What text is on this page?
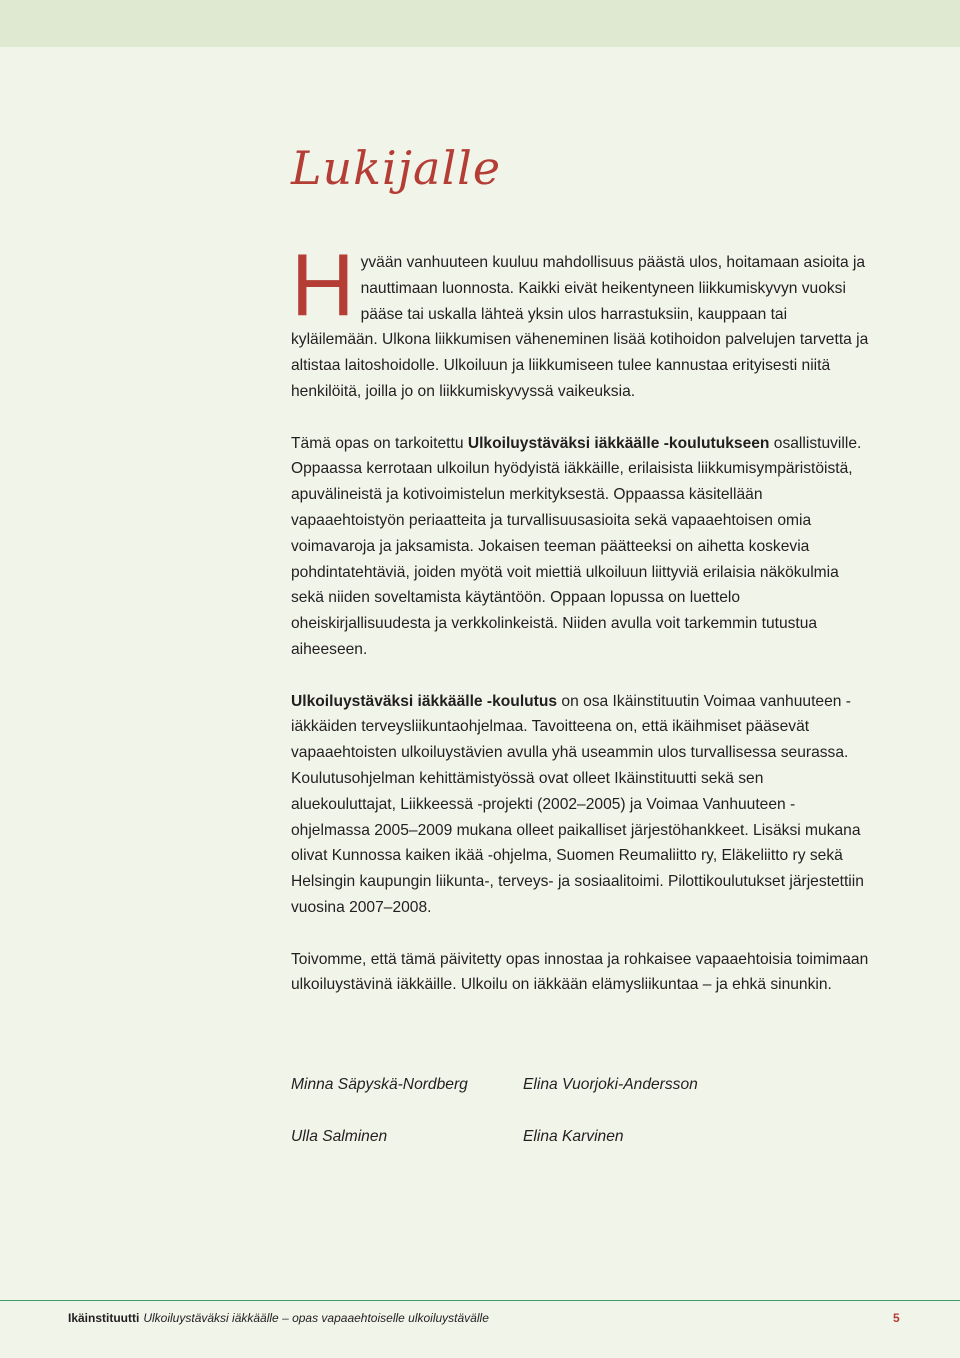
Lukijalle

Hyvään vanhuuteen kuuluu mahdollisuus päästä ulos, hoitamaan asioita ja nauttimaan luonnosta. Kaikki eivät heikentyneen liikkumiskyvyn vuoksi pääse tai uskalla lähteä yksin ulos harrastuksiin, kauppaan tai kyläilemään. Ulkona liikkumisen väheneminen lisää kotihoidon palvelujen tarvetta ja altistaa laitoshoidolle. Ulkoiluun ja liikkumiseen tulee kannustaa erityisesti niitä henkilöitä, joilla jo on liikkumiskyvyssä vaikeuksia.

Tämä opas on tarkoitettu Ulkoiluystäväksi iäkkäälle -koulutukseen osallistuville. Oppaassa kerrotaan ulkoilun hyödyistä iäkkäille, erilaisista liikkumisympäristöistä, apuvälineistä ja kotivoimistelun merkityksestä. Oppaassa käsitellään vapaaehtoistyön periaatteita ja turvallisuusasioita sekä vapaaehtoisen omia voimavaroja ja jaksamista. Jokaisen teeman päätteeksi on aihetta koskevia pohdintatehtäviä, joiden myötä voit miettiä ulkoiluun liittyviä erilaisia näkökulmia sekä niiden soveltamista käytäntöön. Oppaan lopussa on luettelo oheiskirjallisuudesta ja verkkolinkeistä. Niiden avulla voit tarkemmin tutustua aiheeseen.

Ulkoiluystäväksi iäkkäälle -koulutus on osa Ikäinstituutin Voimaa vanhuuteen -iäkkäiden terveysliikuntaohjelmaa. Tavoitteena on, että ikäihmiset pääsevät vapaaehtoisten ulkoiluystävien avulla yhä useammin ulos turvallisessa seurassa. Koulutusohjelman kehittämistyössä ovat olleet Ikäinstituutti sekä sen aluekouluttajat, Liikkeessä -projekti (2002–2005) ja Voimaa Vanhuuteen -ohjelmassa 2005–2009 mukana olleet paikalliset järjestöhankkeet. Lisäksi mukana olivat Kunnossa kaiken ikää -ohjelma, Suomen Reumaliitto ry, Eläkeliitto ry sekä Helsingin kaupungin liikunta-, terveys- ja sosiaalitoimi. Pilottikoulutukset järjestettiin vuosina 2007–2008.

Toivomme, että tämä päivitetty opas innostaa ja rohkaisee vapaaehtoisia toimimaan ulkoiluystävinä iäkkäille. Ulkoilu on iäkkään elämysliikuntaa – ja ehkä sinunkin.

Minna Säpyskä-Nordberg	Elina Vuorjoki-Andersson
Ulla Salminen	Elina Karvinen
Ikäinstituutti Ulkoiluystäväksi iäkkäälle – opas vapaaehtoiselle ulkoiluystävälle	5
